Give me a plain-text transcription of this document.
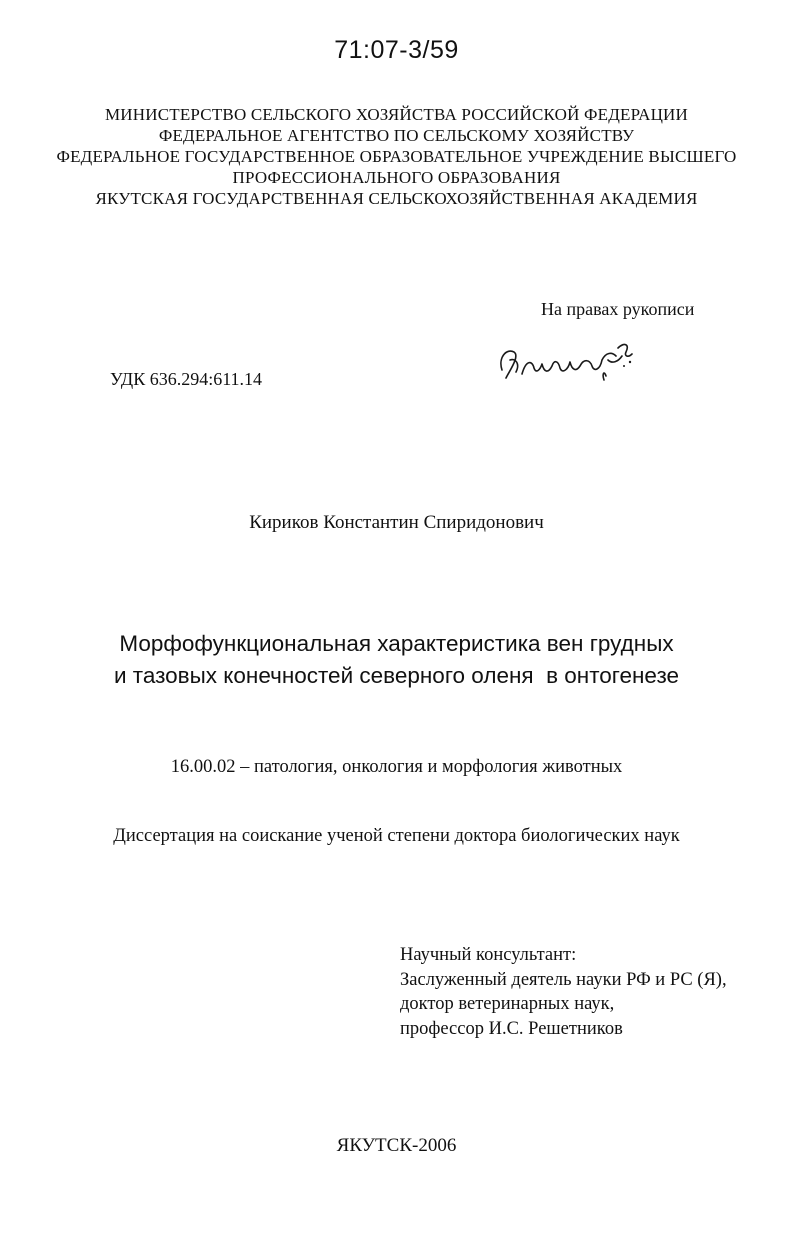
71:07-3/59
МИНИСТЕРСТВО СЕЛЬСКОГО ХОЗЯЙСТВА РОССИЙСКОЙ ФЕДЕРАЦИИ
ФЕДЕРАЛЬНОЕ АГЕНТСТВО ПО СЕЛЬСКОМУ ХОЗЯЙСТВУ
ФЕДЕРАЛЬНОЕ ГОСУДАРСТВЕННОЕ ОБРАЗОВАТЕЛЬНОЕ УЧРЕЖДЕНИЕ ВЫСШЕГО
ПРОФЕССИОНАЛЬНОГО ОБРАЗОВАНИЯ
ЯКУТСКАЯ ГОСУДАРСТВЕННАЯ СЕЛЬСКОХОЗЯЙСТВЕННАЯ АКАДЕМИЯ
На правах рукописи
УДК 636.294:611.14
Кириков Константин Спиридонович
Морфофункциональная характеристика вен грудных
и тазовых конечностей северного оленя  в онтогенезе
16.00.02 – патология, онкология и морфология животных
Диссертация на соискание ученой степени доктора биологических наук
Научный консультант:
Заслуженный деятель науки РФ и РС (Я),
доктор ветеринарных наук,
профессор И.С. Решетников
ЯКУТСК-2006
